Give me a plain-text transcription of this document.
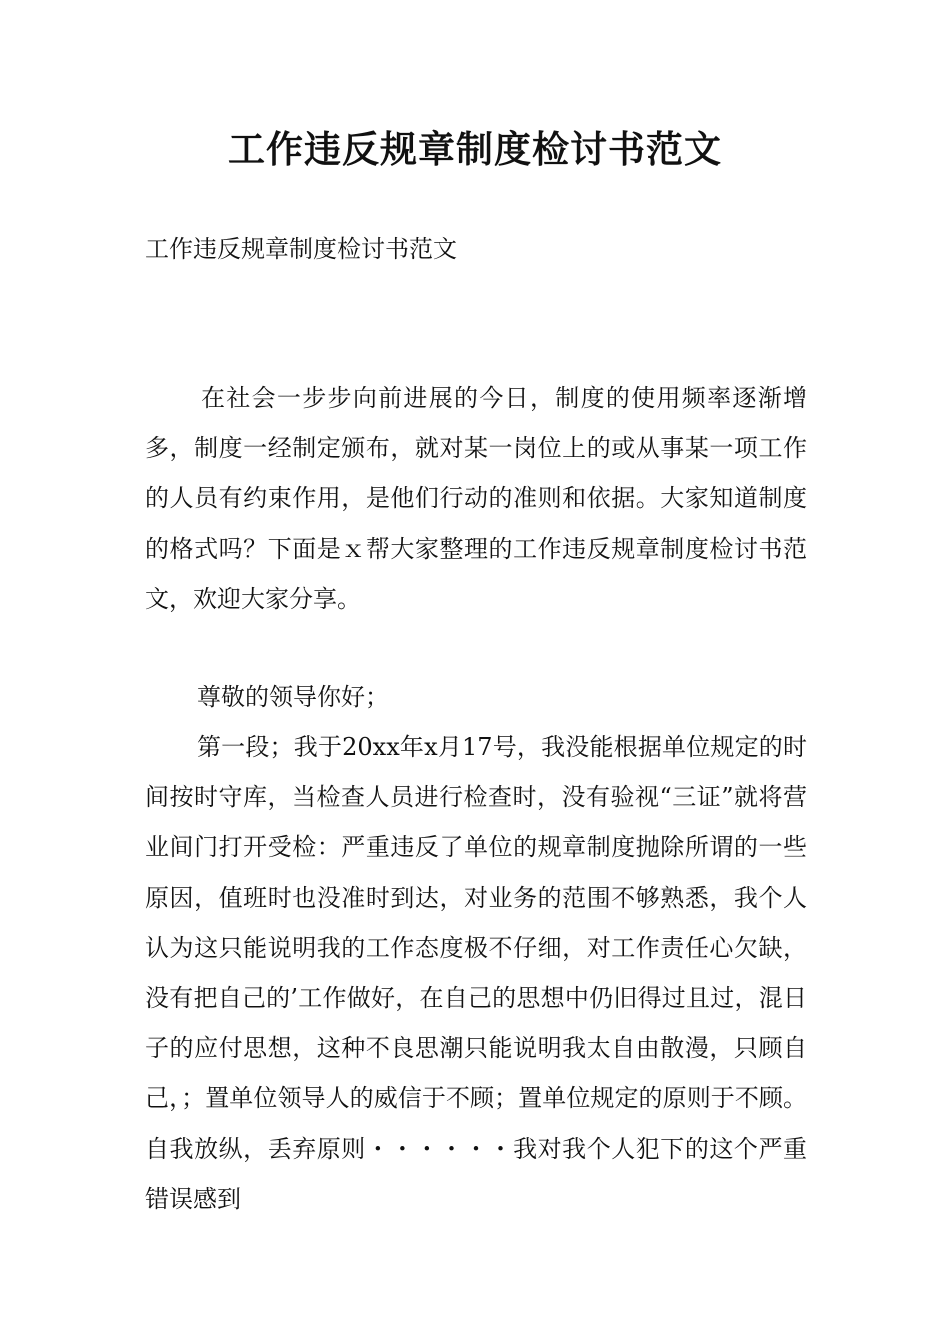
工作违反规章制度检讨书范文

工作违反规章制度检讨书范文

在社会一步步向前进展的今日，制度的使用频率逐渐增多，制度一经制定颁布，就对某一岗位上的或从事某一项工作的人员有约束作用，是他们行动的准则和依据。大家知道制度的格式吗？下面是ｘ帮大家整理的工作违反规章制度检讨书范文，欢迎大家分享。

尊敬的领导你好；

第一段；我于20xx年x月17号，我没能根据单位规定的时间按时守库，当检查人员进行检查时，没有验视“三证”就将营业间门打开受检：严重违反了单位的规章制度抛除所谓的一些原因，值班时也没准时到达，对业务的范围不够熟悉，我个人认为这只能说明我的工作态度极不仔细，对工作责任心欠缺，没有把自己的’工作做好，在自己的思想中仍旧得过且过，混日子的应付思想，这种不良思潮只能说明我太自由散漫，只顾自己，；置单位领导人的威信于不顾；置单位规定的原则于不顾。自我放纵，丢弃原则・・・・・・我对我个人犯下的这个严重错误感到
